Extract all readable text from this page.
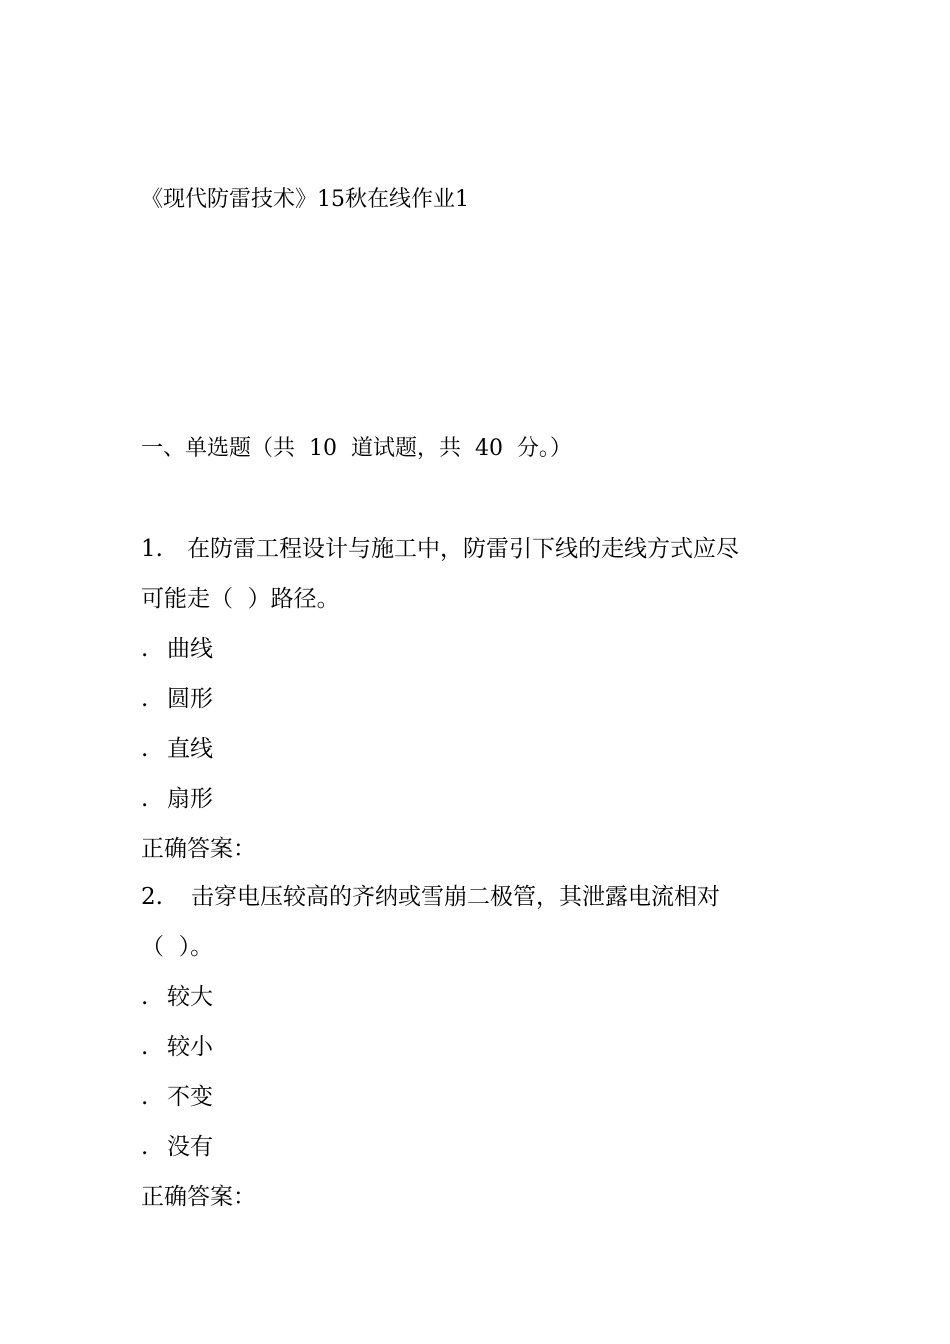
《现代防雷技术》15秋在线作业1
一、单选题（共  10  道试题，共  40  分。）
1. 在防雷工程设计与施工中，防雷引下线的走线方式应尽
可能走（  ）路径。
. 曲线
. 圆形
. 直线
. 扇形
正确答案：
2. 击穿电压较高的齐纳或雪崩二极管，其泄露电流相对
（  ）。
. 较大
. 较小
. 不变
. 没有
正确答案：
